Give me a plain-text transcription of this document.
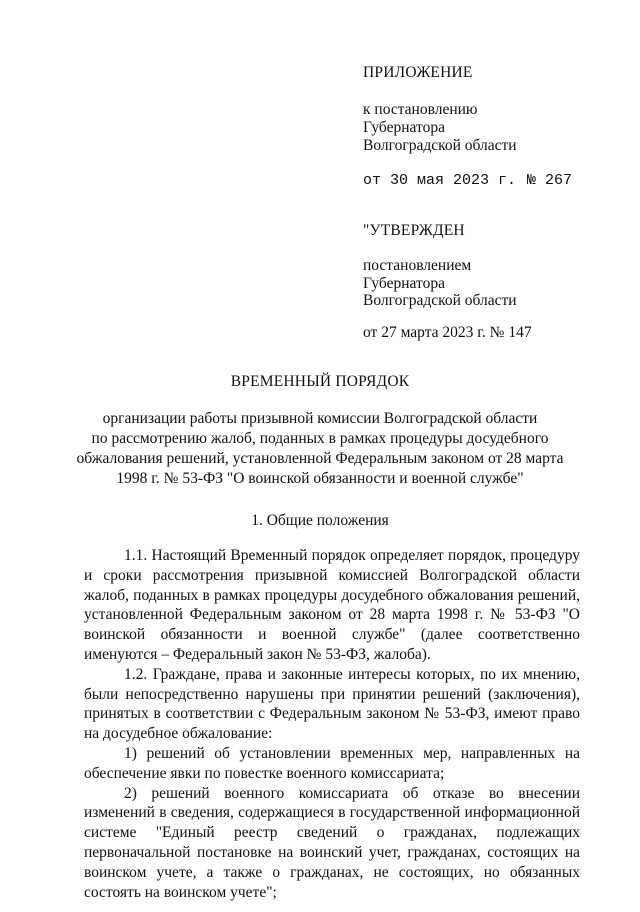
ПРИЛОЖЕНИЕ
к постановлению
Губернатора
Волгоградской области
от 30 мая 2023 г. № 267
"УТВЕРЖДЕН
постановлением
Губернатора
Волгоградской области
от 27 марта 2023 г. № 147
ВРЕМЕННЫЙ ПОРЯДОК
организации работы призывной комиссии Волгоградской области
по рассмотрению жалоб, поданных в рамках процедуры досудебного
обжалования решений, установленной Федеральным законом от 28 марта
1998 г. № 53-ФЗ "О воинской обязанности и военной службе"
1. Общие положения

1.1. Настоящий Временный порядок определяет порядок, процедуру и сроки рассмотрения призывной комиссией Волгоградской области жалоб, поданных в рамках процедуры досудебного обжалования решений, установленной Федеральным законом от 28 марта 1998 г. № 53-ФЗ "О воинской обязанности и военной службе" (далее соответственно именуются – Федеральный закон № 53-ФЗ, жалоба).

1.2. Граждане, права и законные интересы которых, по их мнению, были непосредственно нарушены при принятии решений (заключения), принятых в соответствии с Федеральным законом № 53-ФЗ, имеют право на досудебное обжалование:

1) решений об установлении временных мер, направленных на обеспечение явки по повестке военного комиссариата;

2) решений военного комиссариата об отказе во внесении изменений в сведения, содержащиеся в государственной информационной системе "Единый реестр сведений о гражданах, подлежащих первоначальной постановке на воинский учет, гражданах, состоящих на воинском учете, а также о гражданах, не состоящих, но обязанных состоять на воинском учете";
